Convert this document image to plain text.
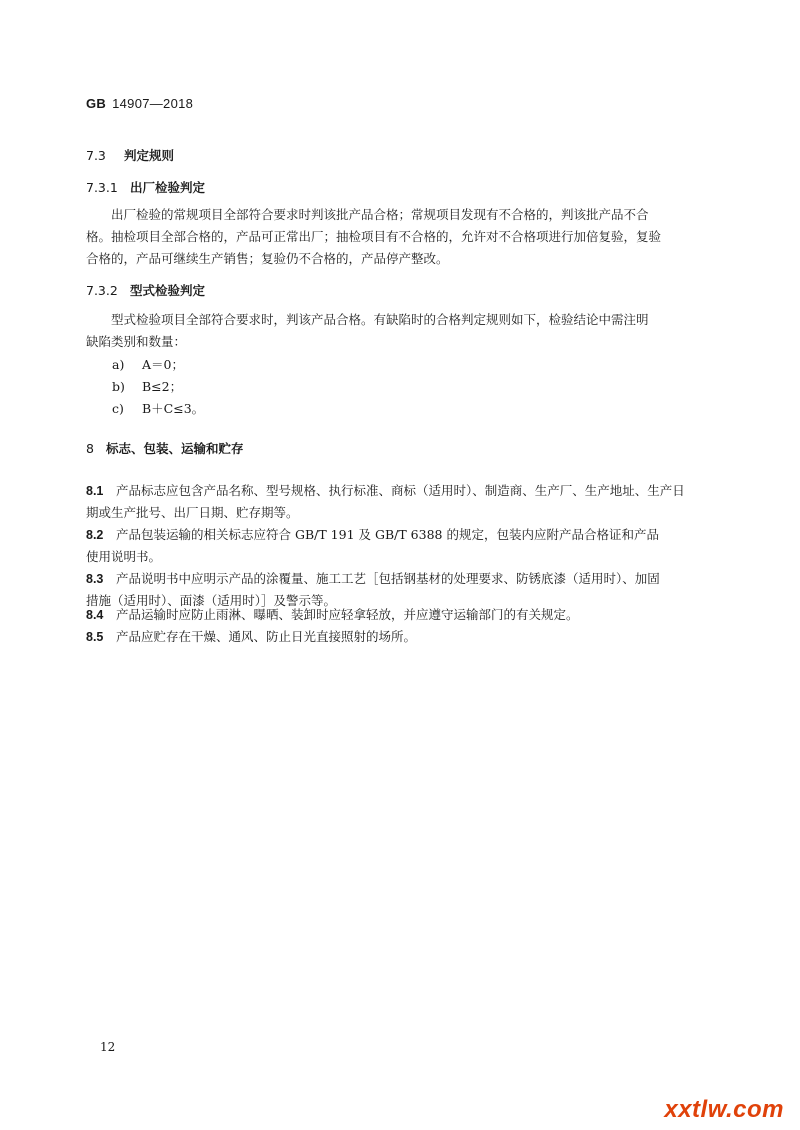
GB 14907—2018
7.3 判定规则
7.3.1 出厂检验判定
出厂检验的常规项目全部符合要求时判该批产品合格；常规项目发现有不合格的，判该批产品不合
格。抽检项目全部合格的，产品可正常出厂；抽检项目有不合格的，允许对不合格项进行加倍复验，复验
合格的，产品可继续生产销售；复验仍不合格的，产品停产整改。
7.3.2 型式检验判定
型式检验项目全部符合要求时，判该产品合格。有缺陷时的合格判定规则如下，检验结论中需注明
缺陷类别和数量：
a) A＝0；
b) B≤2；
c) B＋C≤3。
8 标志、包装、运输和贮存
8.1 产品标志应包含产品名称、型号规格、执行标准、商标（适用时）、制造商、生产厂、生产地址、生产日
期或生产批号、出厂日期、贮存期等。
8.2 产品包装运输的相关标志应符合 GB/T 191 及 GB/T 6388 的规定，包装内应附产品合格证和产品
使用说明书。
8.3 产品说明书中应明示产品的涂覆量、施工工艺［包括钢基材的处理要求、防锈底漆（适用时）、加固
措施（适用时）、面漆（适用时）］及警示等。
8.4 产品运输时应防止雨淋、曝晒、装卸时应轻拿轻放，并应遵守运输部门的有关规定。
8.5 产品应贮存在干燥、通风、防止日光直接照射的场所。
12
xxtlw.com
